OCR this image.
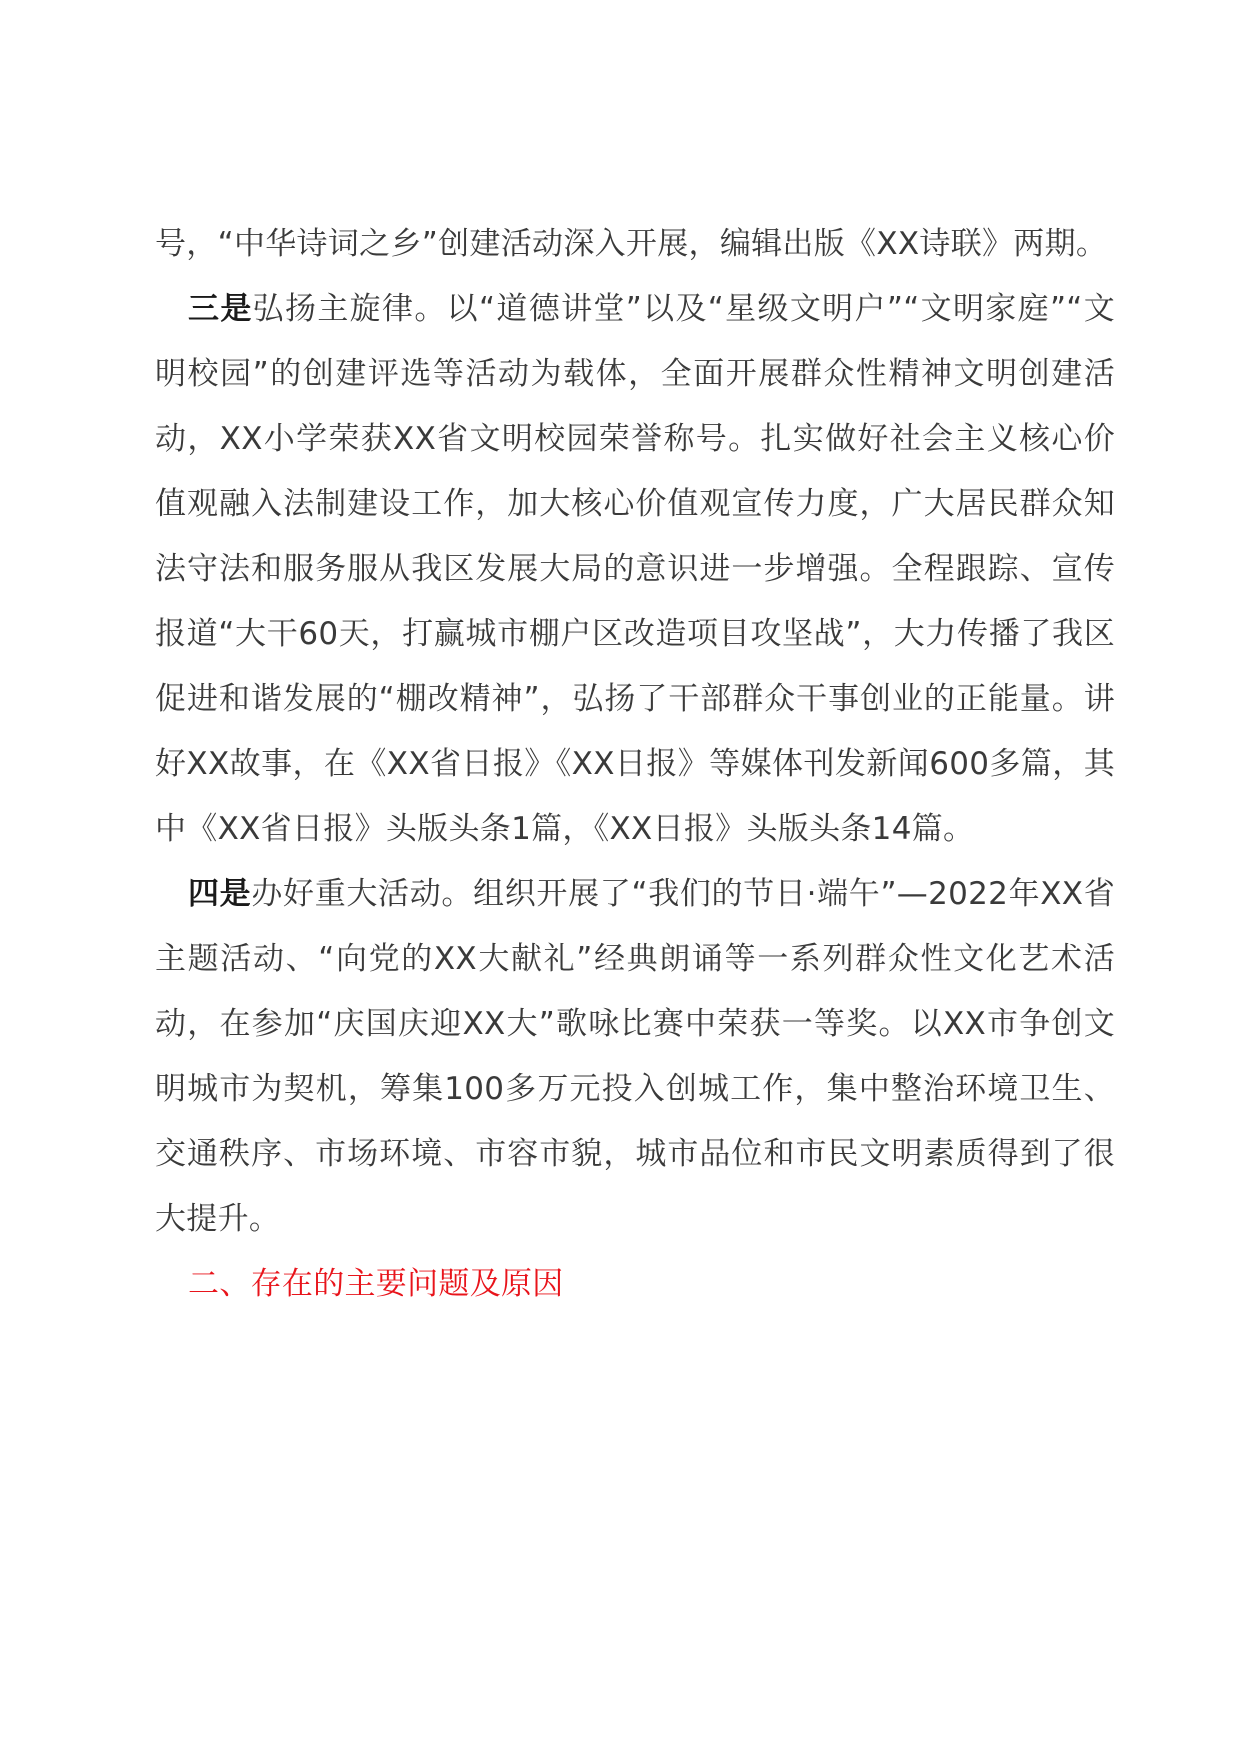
号，“中华诗词之乡”创建活动深入开展，编辑出版《XX诗联》两期。

三是弘扬主旋律。以“道德讲堂”以及“星级文明户”“文明家庭”“文明校园”的创建评选等活动为载体，全面开展群众性精神文明创建活动，XX小学荣获XX省文明校园荣誉称号。扎实做好社会主义核心价值观融入法制建设工作，加大核心价值观宣传力度，广大居民群众知法守法和服务服从我区发展大局的意识进一步增强。全程跟踪、宣传报道“大干60天，打赢城市棚户区改造项目攻坚战”，大力传播了我区促进和谐发展的“棚改精神”，弘扬了干部群众干事创业的正能量。讲好XX故事，在《XX省日报》《XX日报》等媒体刊发新闻600多篇，其中《XX省日报》头版头条1篇，《XX日报》头版头条14篇。

四是办好重大活动。组织开展了“我们的节日·端午”—2022年XX省主题活动、“向党的XX大献礼”经典朗诵等一系列群众性文化艺术活动，在参加“庆国庆迎XX大”歌咏比赛中荣获一等奖。以XX市争创文明城市为契机，筹集100多万元投入创城工作，集中整治环境卫生、交通秩序、市场环境、市容市貌，城市品位和市民文明素质得到了很大提升。

二、存在的主要问题及原因
